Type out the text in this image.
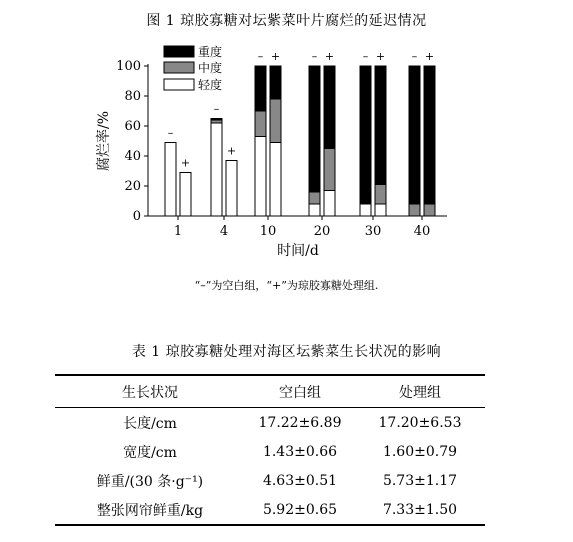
图 1 琼胶寡糖对坛紫菜叶片腐烂的延迟情况
–
+
–
+
– +	– +	– + – +
0
20
40
60
80
100
1	4 10	20	30 40
时间/d
腐烂率/%
重度
中度
轻度
“–”为空白组，“+”为琼胶寡糖处理组.
表 1 琼胶寡糖处理对海区坛紫菜生长状况的影响
生长状况	空白组	处理组
长度/cm	17.22±6.89	17.20±6.53
宽度/cm	1.43±0.66	1.60±0.79
鲜重/(30 条·g⁻¹)	4.63±0.51	5.73±1.17
整张网帘鲜重/kg	5.92±0.65	7.33±1.50
